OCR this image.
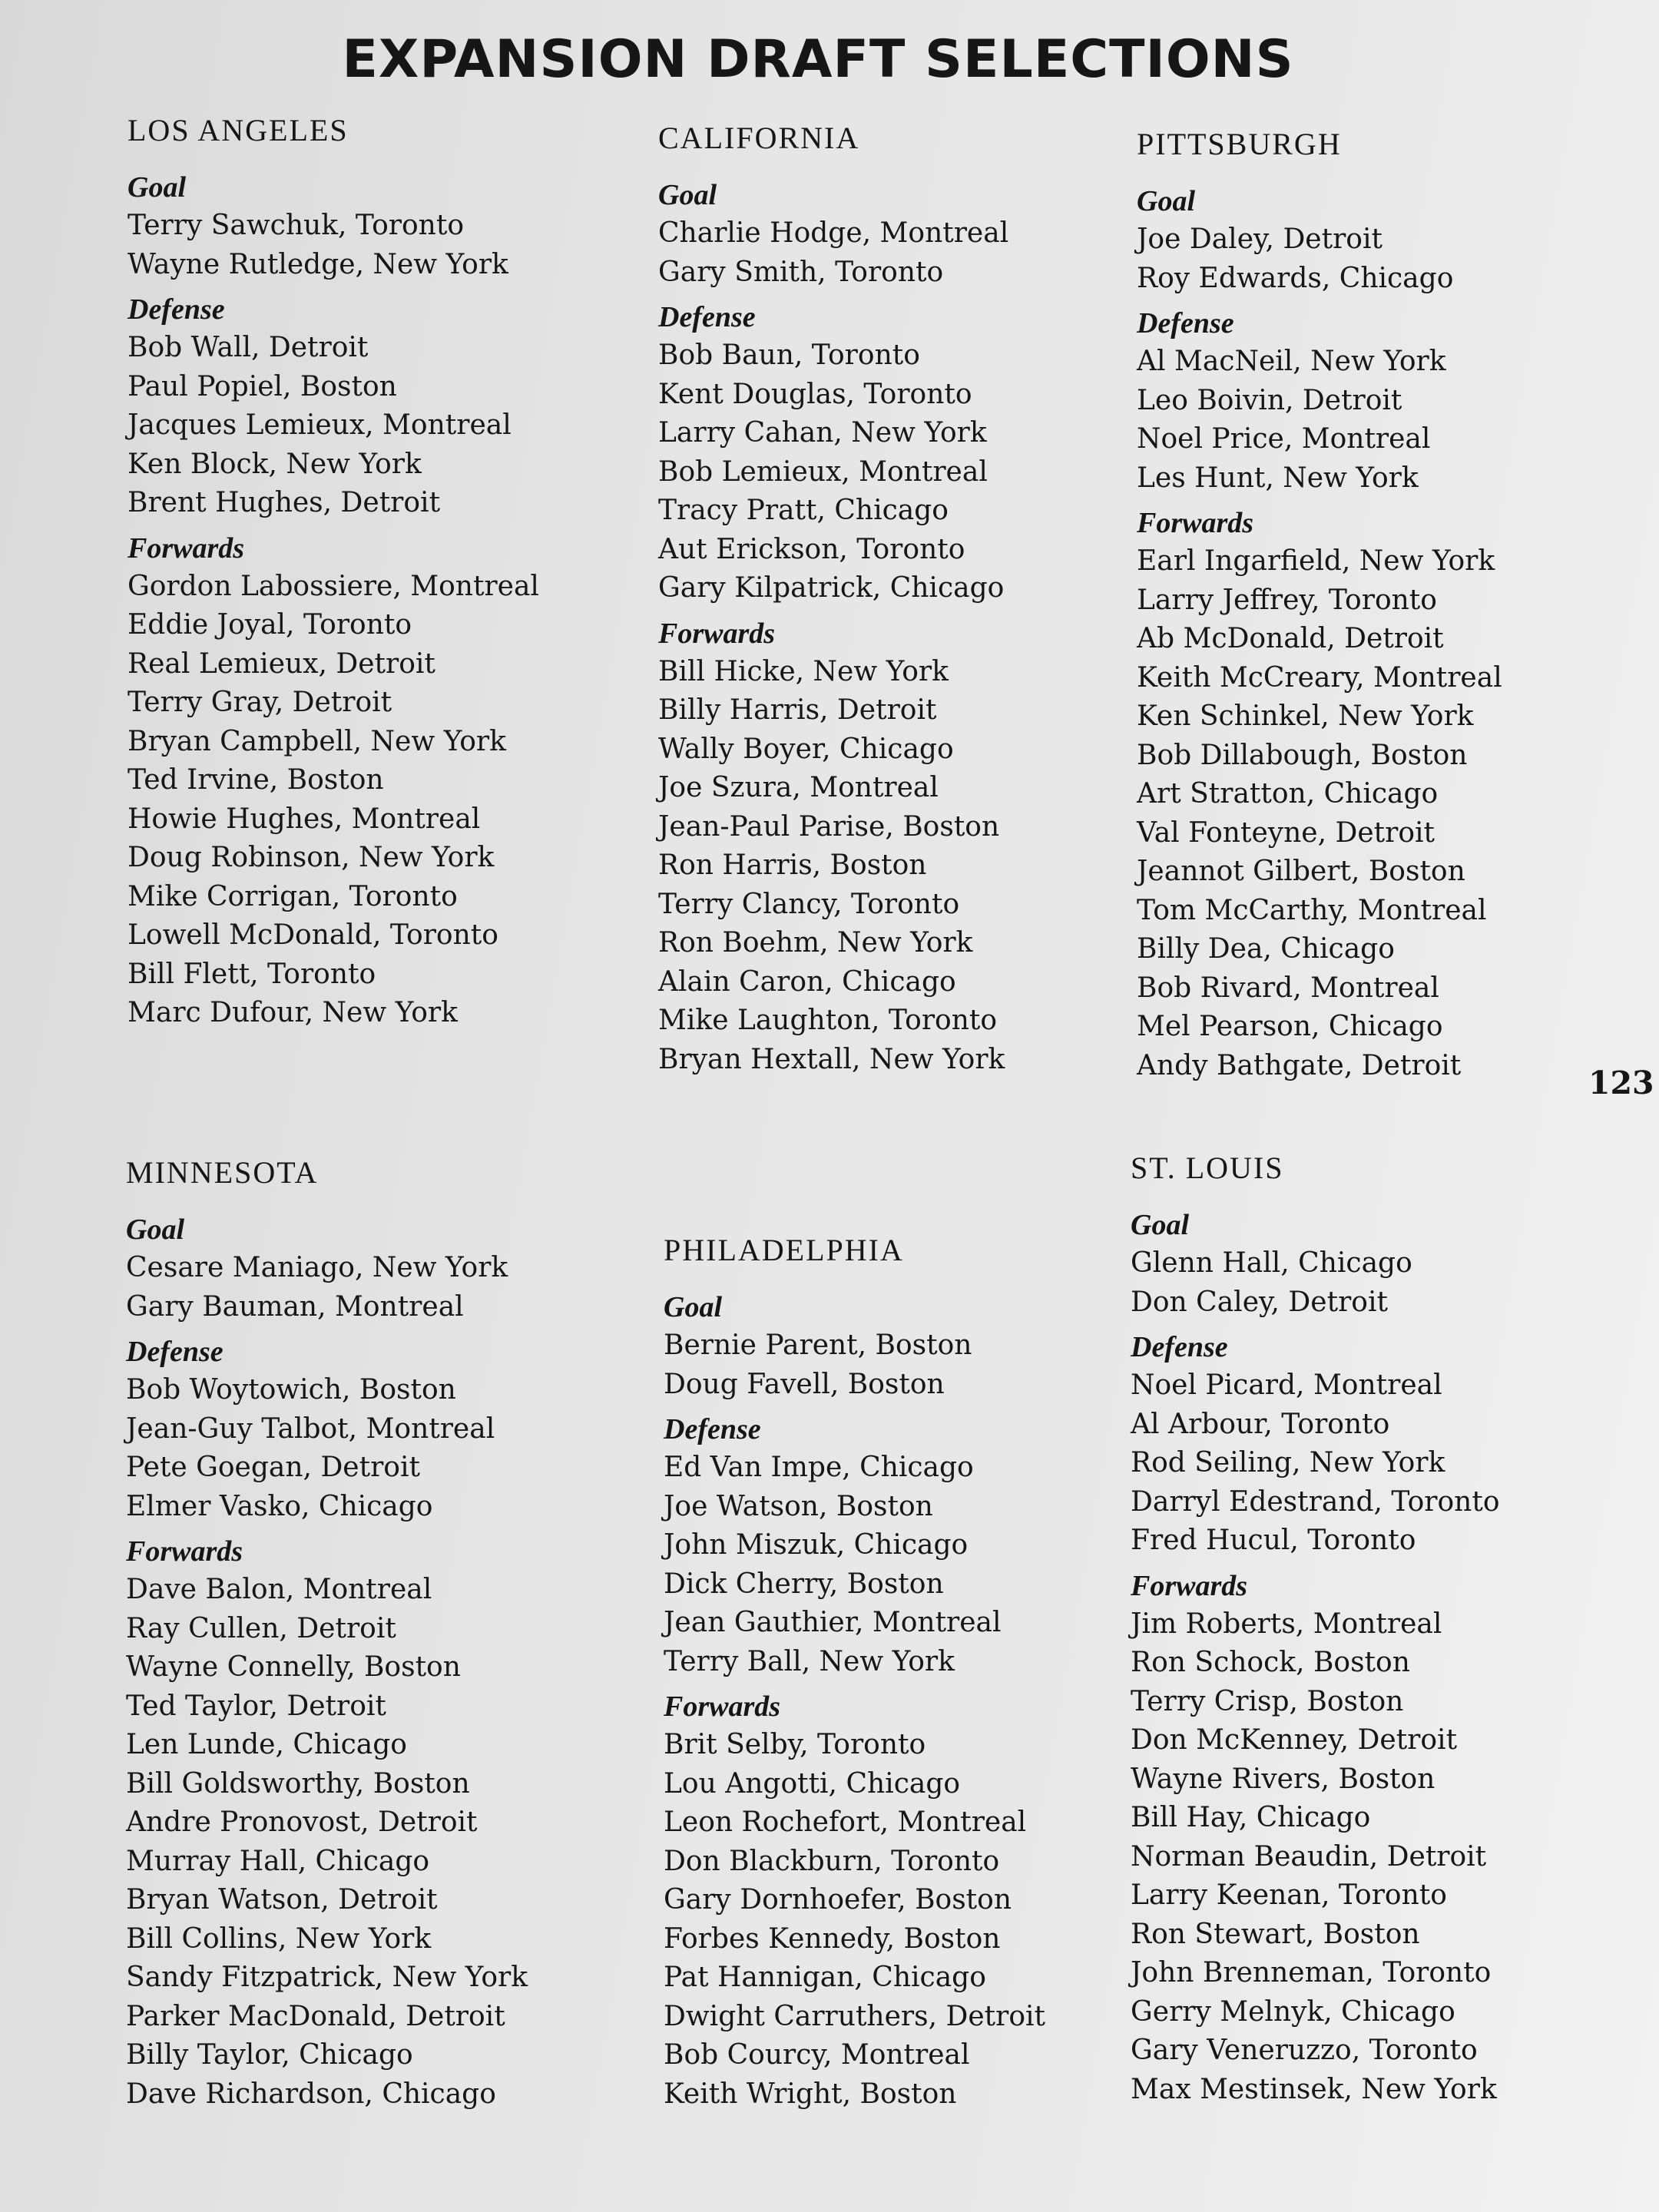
EXPANSION DRAFT SELECTIONS
123
LOS ANGELES
Goal
Terry Sawchuk, Toronto
Wayne Rutledge, New York
Defense
Bob Wall, Detroit
Paul Popiel, Boston
Jacques Lemieux, Montreal
Ken Block, New York
Brent Hughes, Detroit
Forwards
Gordon Labossiere, Montreal
Eddie Joyal, Toronto
Real Lemieux, Detroit
Terry Gray, Detroit
Bryan Campbell, New York
Ted Irvine, Boston
Howie Hughes, Montreal
Doug Robinson, New York
Mike Corrigan, Toronto
Lowell McDonald, Toronto
Bill Flett, Toronto
Marc Dufour, New York
CALIFORNIA
Goal
Charlie Hodge, Montreal
Gary Smith, Toronto
Defense
Bob Baun, Toronto
Kent Douglas, Toronto
Larry Cahan, New York
Bob Lemieux, Montreal
Tracy Pratt, Chicago
Aut Erickson, Toronto
Gary Kilpatrick, Chicago
Forwards
Bill Hicke, New York
Billy Harris, Detroit
Wally Boyer, Chicago
Joe Szura, Montreal
Jean-Paul Parise, Boston
Ron Harris, Boston
Terry Clancy, Toronto
Ron Boehm, New York
Alain Caron, Chicago
Mike Laughton, Toronto
Bryan Hextall, New York
PITTSBURGH
Goal
Joe Daley, Detroit
Roy Edwards, Chicago
Defense
Al MacNeil, New York
Leo Boivin, Detroit
Noel Price, Montreal
Les Hunt, New York
Forwards
Earl Ingarfield, New York
Larry Jeffrey, Toronto
Ab McDonald, Detroit
Keith McCreary, Montreal
Ken Schinkel, New York
Bob Dillabough, Boston
Art Stratton, Chicago
Val Fonteyne, Detroit
Jeannot Gilbert, Boston
Tom McCarthy, Montreal
Billy Dea, Chicago
Bob Rivard, Montreal
Mel Pearson, Chicago
Andy Bathgate, Detroit
MINNESOTA
Goal
Cesare Maniago, New York
Gary Bauman, Montreal
Defense
Bob Woytowich, Boston
Jean-Guy Talbot, Montreal
Pete Goegan, Detroit
Elmer Vasko, Chicago
Forwards
Dave Balon, Montreal
Ray Cullen, Detroit
Wayne Connelly, Boston
Ted Taylor, Detroit
Len Lunde, Chicago
Bill Goldsworthy, Boston
Andre Pronovost, Detroit
Murray Hall, Chicago
Bryan Watson, Detroit
Bill Collins, New York
Sandy Fitzpatrick, New York
Parker MacDonald, Detroit
Billy Taylor, Chicago
Dave Richardson, Chicago
PHILADELPHIA
Goal
Bernie Parent, Boston
Doug Favell, Boston
Defense
Ed Van Impe, Chicago
Joe Watson, Boston
John Miszuk, Chicago
Dick Cherry, Boston
Jean Gauthier, Montreal
Terry Ball, New York
Forwards
Brit Selby, Toronto
Lou Angotti, Chicago
Leon Rochefort, Montreal
Don Blackburn, Toronto
Gary Dornhoefer, Boston
Forbes Kennedy, Boston
Pat Hannigan, Chicago
Dwight Carruthers, Detroit
Bob Courcy, Montreal
Keith Wright, Boston
ST. LOUIS
Goal
Glenn Hall, Chicago
Don Caley, Detroit
Defense
Noel Picard, Montreal
Al Arbour, Toronto
Rod Seiling, New York
Darryl Edestrand, Toronto
Fred Hucul, Toronto
Forwards
Jim Roberts, Montreal
Ron Schock, Boston
Terry Crisp, Boston
Don McKenney, Detroit
Wayne Rivers, Boston
Bill Hay, Chicago
Norman Beaudin, Detroit
Larry Keenan, Toronto
Ron Stewart, Boston
John Brenneman, Toronto
Gerry Melnyk, Chicago
Gary Veneruzzo, Toronto
Max Mestinsek, New York
